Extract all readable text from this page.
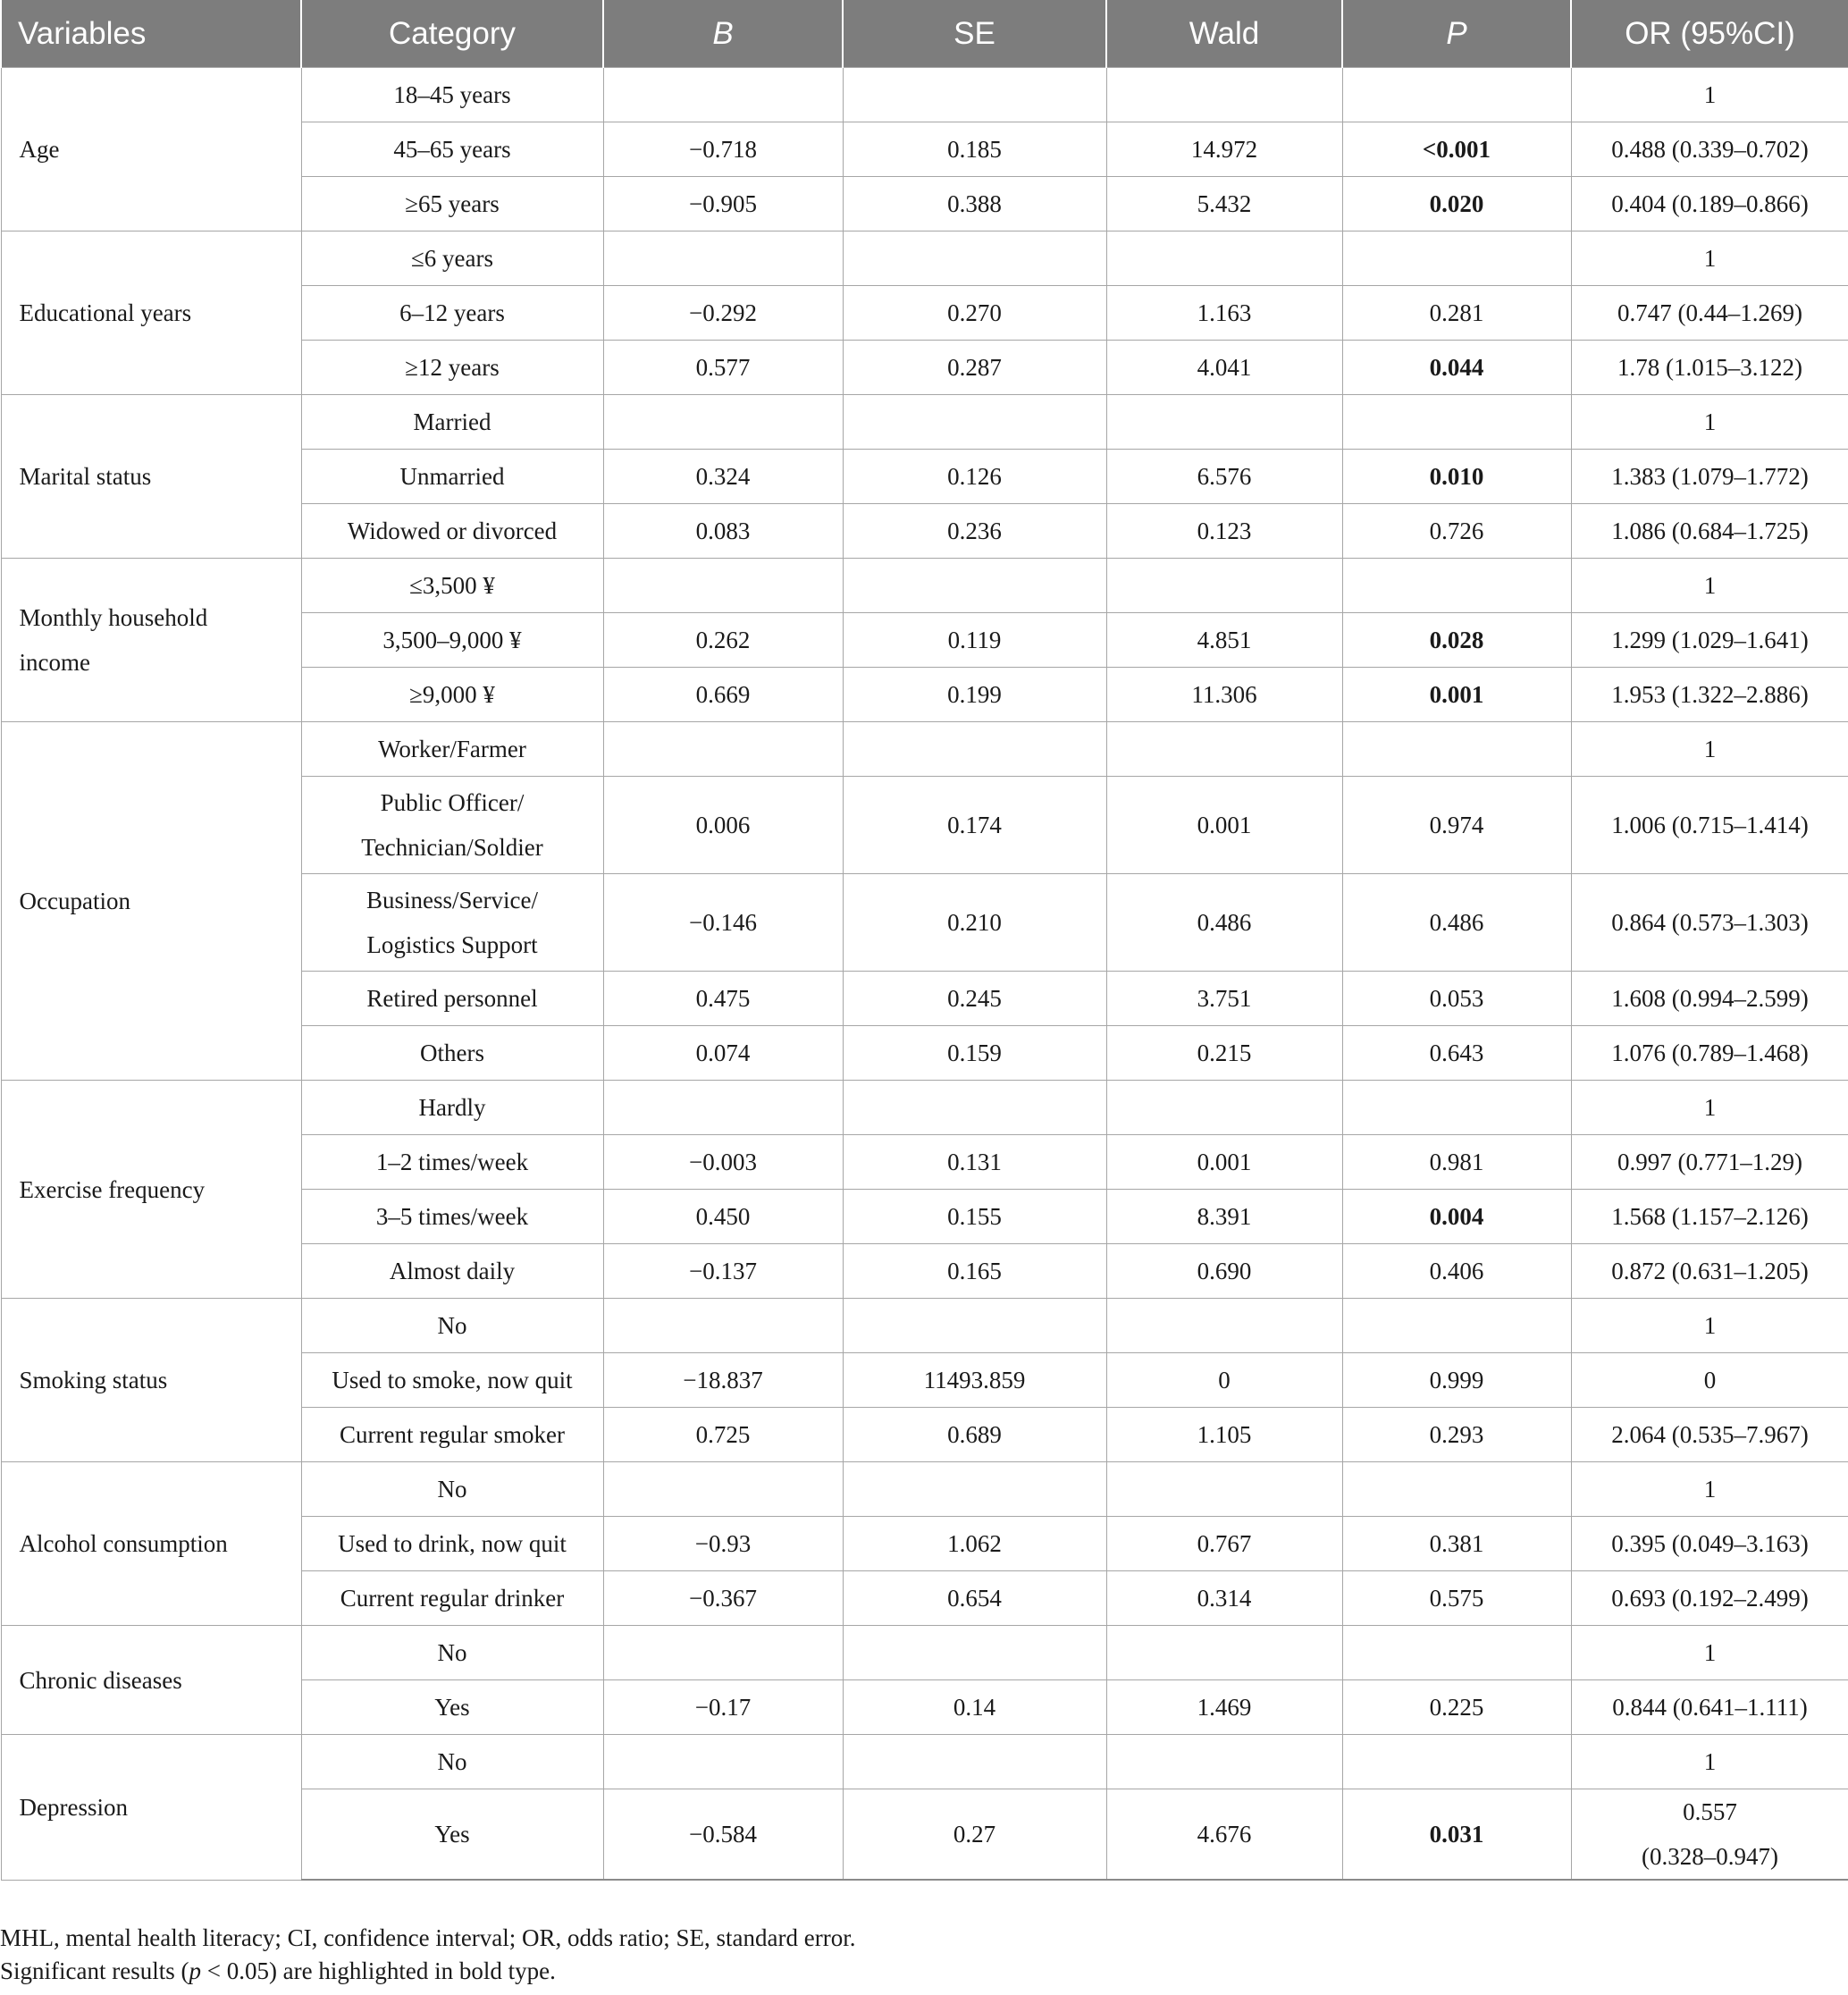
Variables	Category	B	SE	Wald	P	OR (95%CI)
Age	18–45 years					1
	45–65 years	−0.718	0.185	14.972	<0.001	0.488 (0.339–0.702)
	≥65 years	−0.905	0.388	5.432	0.020	0.404 (0.189–0.866)
Educational years	≤6 years					1
	6–12 years	−0.292	0.270	1.163	0.281	0.747 (0.44–1.269)
	≥12 years	0.577	0.287	4.041	0.044	1.78 (1.015–3.122)
Marital status	Married					1
	Unmarried	0.324	0.126	6.576	0.010	1.383 (1.079–1.772)
	Widowed or divorced	0.083	0.236	0.123	0.726	1.086 (0.684–1.725)
Monthly household
income	≤3,500 ¥					1
	3,500–9,000 ¥	0.262	0.119	4.851	0.028	1.299 (1.029–1.641)
	≥9,000 ¥	0.669	0.199	11.306	0.001	1.953 (1.322–2.886)
Occupation	Worker/Farmer					1
	Public Officer/
Technician/Soldier	0.006	0.174	0.001	0.974	1.006 (0.715–1.414)
	Business/Service/
Logistics Support	−0.146	0.210	0.486	0.486	0.864 (0.573–1.303)
	Retired personnel	0.475	0.245	3.751	0.053	1.608 (0.994–2.599)
	Others	0.074	0.159	0.215	0.643	1.076 (0.789–1.468)
Exercise frequency	Hardly					1
	1–2 times/week	−0.003	0.131	0.001	0.981	0.997 (0.771–1.29)
	3–5 times/week	0.450	0.155	8.391	0.004	1.568 (1.157–2.126)
	Almost daily	−0.137	0.165	0.690	0.406	0.872 (0.631–1.205)
Smoking status	No					1
	Used to smoke, now quit	−18.837	11493.859	0	0.999	0
	Current regular smoker	0.725	0.689	1.105	0.293	2.064 (0.535–7.967)
Alcohol consumption	No					1
	Used to drink, now quit	−0.93	1.062	0.767	0.381	0.395 (0.049–3.163)
	Current regular drinker	−0.367	0.654	0.314	0.575	0.693 (0.192–2.499)
Chronic diseases	No					1
	Yes	−0.17	0.14	1.469	0.225	0.844 (0.641–1.111)
Depression	No					1
	Yes	−0.584	0.27	4.676	0.031	0.557
(0.328–0.947)

MHL, mental health literacy; CI, confidence interval; OR, odds ratio; SE, standard error.

Significant results (p < 0.05) are highlighted in bold type.
